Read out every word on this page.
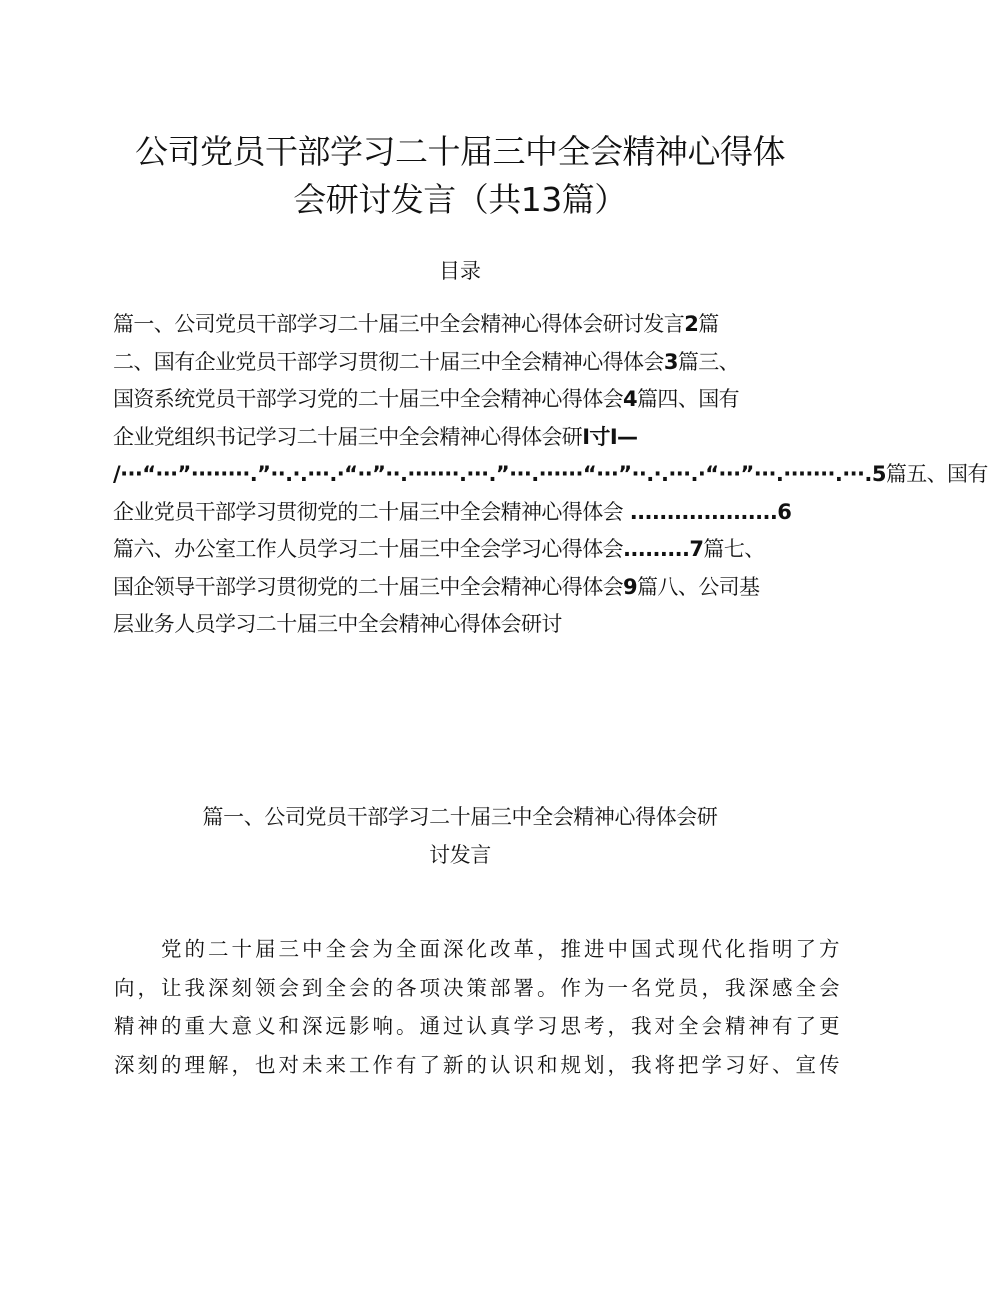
公司党员干部学习二十届三中全会精神心得体
会研讨发言（共13篇）
目录
篇一、公司党员干部学习二十届三中全会精神心得体会研讨发言2篇
二、国有企业党员干部学习贯彻二十届三中全会精神心得体会3篇三、
国资系统党员干部学习党的二十届三中全会精神心得体会4篇四、国有
企业党组织书记学习二十届三中全会精神心得体会研I寸I—
/···“···”········.”··.·.···.·“··”··.·······.···.”···.······“···”··.·.···.·“···”···.·······.···.5篇五、国有
企业党员干部学习贯彻党的二十届三中全会精神心得体会 ....................6
篇六、办公室工作人员学习二十届三中全会学习心得体会.........7篇七、
国企领导干部学习贯彻党的二十届三中全会精神心得体会9篇八、公司基
层业务人员学习二十届三中全会精神心得体会研讨
篇一、公司党员干部学习二十届三中全会精神心得体会研
讨发言
　　党的二十届三中全会为全面深化改革，推进中国式现代化指明了方
向，让我深刻领会到全会的各项决策部署。作为一名党员，我深感全会
精神的重大意义和深远影响。通过认真学习思考，我对全会精神有了更
深刻的理解，也对未来工作有了新的认识和规划，我将把学习好、宣传
